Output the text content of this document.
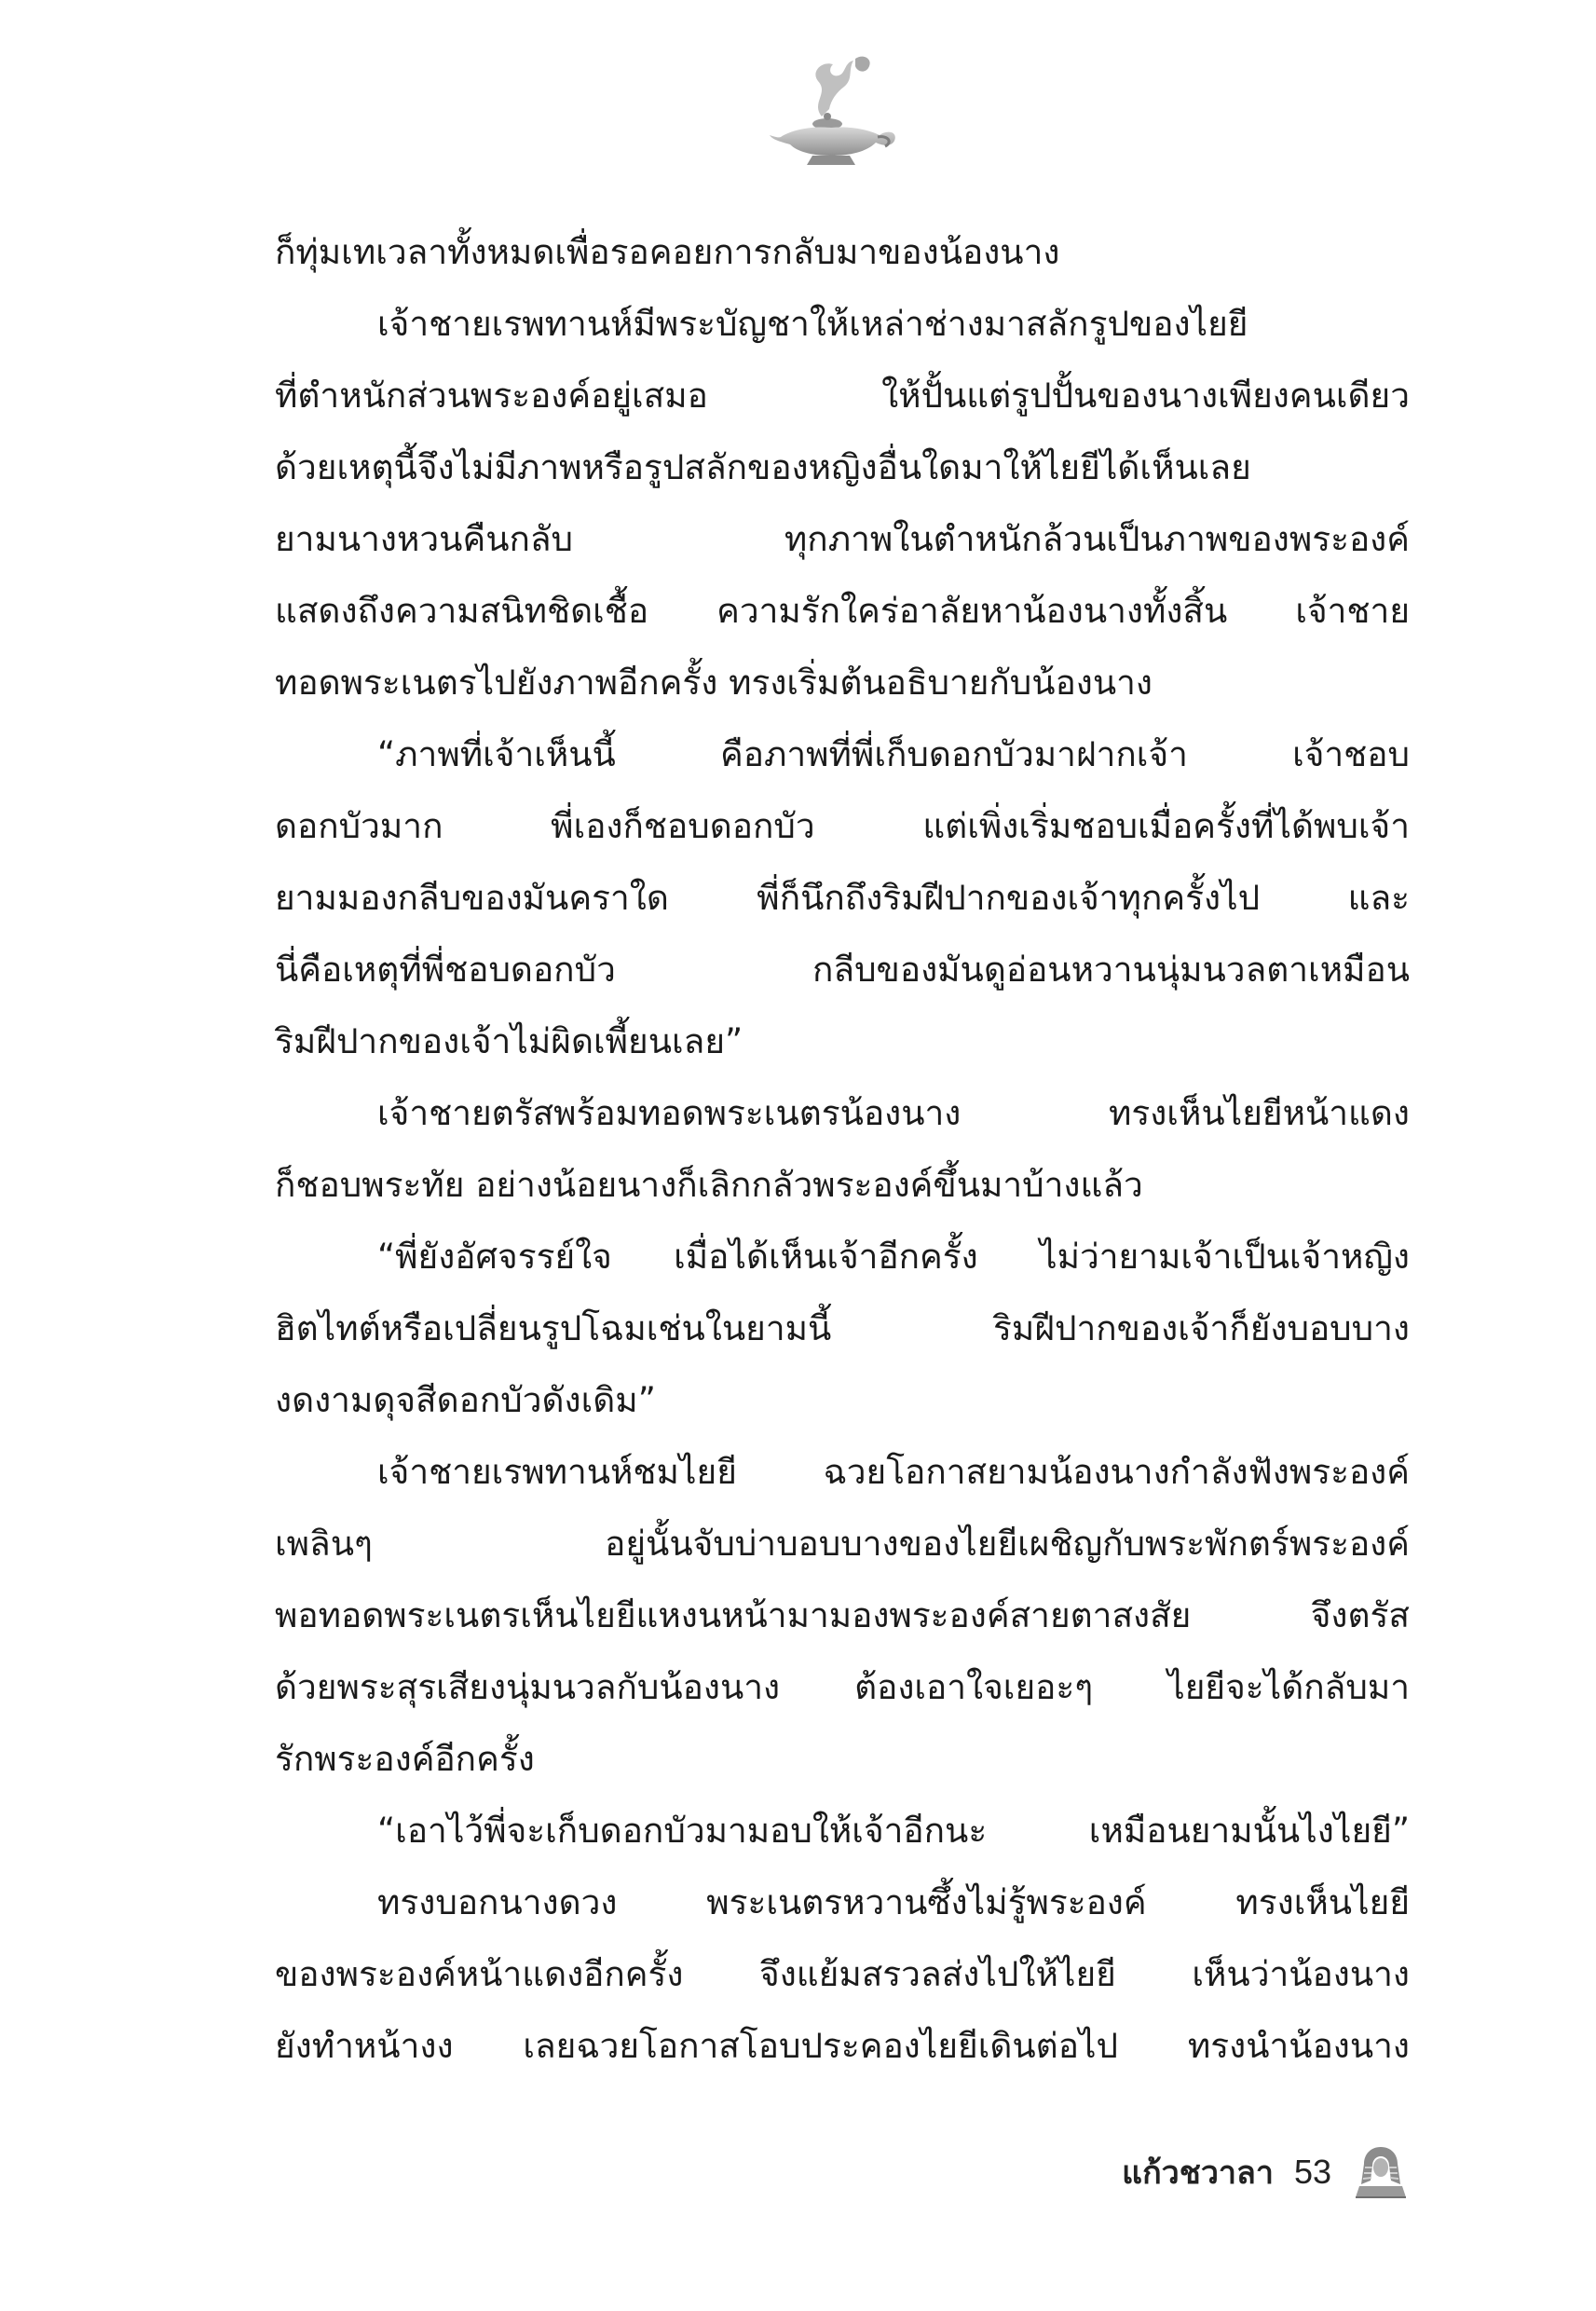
ก็ทุ่มเทเวลาทั้งหมดเพื่อรอคอยการกลับมาของน้องนาง
เจ้าชายเรพทานห์มีพระบัญชาให้เหล่าช่างมาสลักรูปของไยยี
ที่ตำหนักส่วนพระองค์อยู่เสมอ ให้ปั้นแต่รูปปั้นของนางเพียงคนเดียว
ด้วยเหตุนี้จึงไม่มีภาพหรือรูปสลักของหญิงอื่นใดมาให้ไยยีได้เห็นเลย
ยามนางหวนคืนกลับ ทุกภาพในตำหนักล้วนเป็นภาพของพระองค์
แสดงถึงความสนิทชิดเชื้อ ความรักใคร่อาลัยหาน้องนางทั้งสิ้น เจ้าชาย
ทอดพระเนตรไปยังภาพอีกครั้ง ทรงเริ่มต้นอธิบายกับน้องนาง
“ภาพที่เจ้าเห็นนี้ คือภาพที่พี่เก็บดอกบัวมาฝากเจ้า เจ้าชอบ
ดอกบัวมาก พี่เองก็ชอบดอกบัว แต่เพิ่งเริ่มชอบเมื่อครั้งที่ได้พบเจ้า
ยามมองกลีบของมันคราใด พี่ก็นึกถึงริมฝีปากของเจ้าทุกครั้งไป และ
นี่คือเหตุที่พี่ชอบดอกบัว กลีบของมันดูอ่อนหวานนุ่มนวลตาเหมือน
ริมฝีปากของเจ้าไม่ผิดเพี้ยนเลย”
เจ้าชายตรัสพร้อมทอดพระเนตรน้องนาง ทรงเห็นไยยีหน้าแดง
ก็ชอบพระทัย อย่างน้อยนางก็เลิกกลัวพระองค์ขึ้นมาบ้างแล้ว
“พี่ยังอัศจรรย์ใจ เมื่อได้เห็นเจ้าอีกครั้ง ไม่ว่ายามเจ้าเป็นเจ้าหญิง
ฮิตไทต์หรือเปลี่ยนรูปโฉมเช่นในยามนี้ ริมฝีปากของเจ้าก็ยังบอบบาง
งดงามดุจสีดอกบัวดังเดิม”
เจ้าชายเรพทานห์ชมไยยี ฉวยโอกาสยามน้องนางกำลังฟังพระองค์
เพลินๆ อยู่นั้นจับบ่าบอบบางของไยยีเผชิญกับพระพักตร์พระองค์
พอทอดพระเนตรเห็นไยยีแหงนหน้ามามองพระองค์สายตาสงสัย จึงตรัส
ด้วยพระสุรเสียงนุ่มนวลกับน้องนาง ต้องเอาใจเยอะๆ ไยยีจะได้กลับมา
รักพระองค์อีกครั้ง
“เอาไว้พี่จะเก็บดอกบัวมามอบให้เจ้าอีกนะ เหมือนยามนั้นไงไยยี”
ทรงบอกนางดวง พระเนตรหวานซึ้งไม่รู้พระองค์ ทรงเห็นไยยี
ของพระองค์หน้าแดงอีกครั้ง จึงแย้มสรวลส่งไปให้ไยยี เห็นว่าน้องนาง
ยังทำหน้างง เลยฉวยโอกาสโอบประคองไยยีเดินต่อไป ทรงนำน้องนาง
แก้วชวาลา 53
